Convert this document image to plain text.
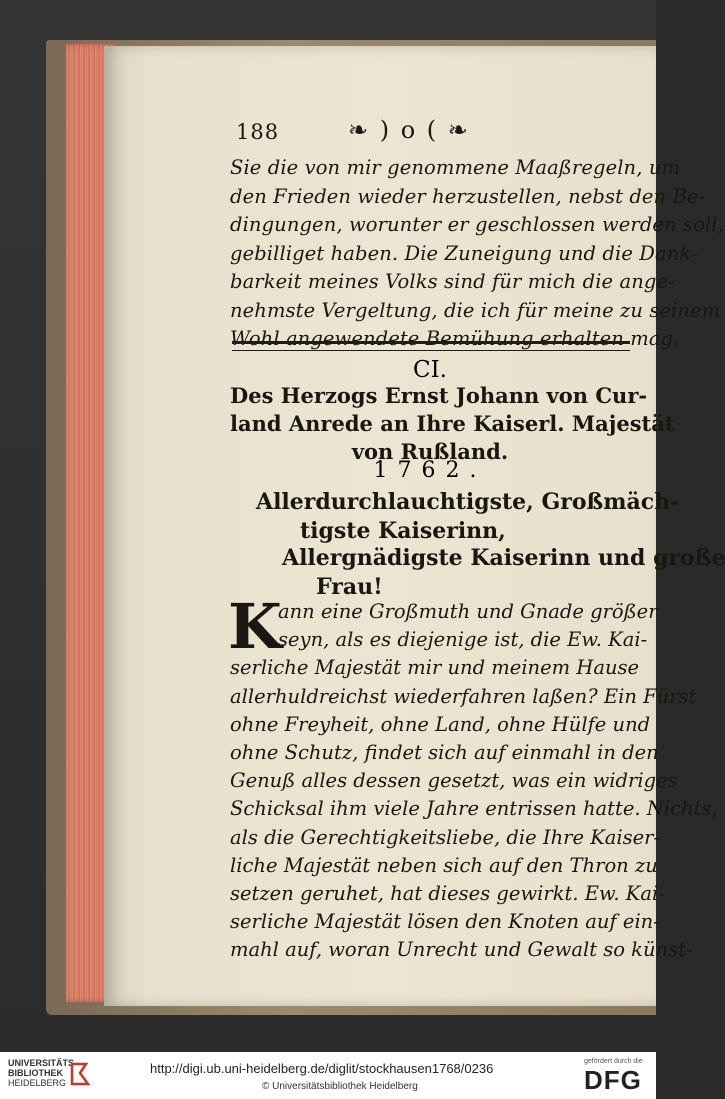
188	❧ ) o ( ❧
Sie die von mir genommene Maaßregeln, um
den Frieden wieder herzustellen, nebst den Be-
dingungen, worunter er geschlossen werden soll,
gebilliget haben. Die Zuneigung und die Dank-
barkeit meines Volks sind für mich die ange-
nehmste Vergeltung, die ich für meine zu seinem
Wohl angewendete Bemühung erhalten mag.
CI.
Des Herzogs Ernst Johann von Cur-
land Anrede an Ihre Kaiserl. Majestät
von Rußland.
1762.
Allerdurchlauchtigste, Großmäch-
tigste Kaiserinn,
Allergnädigste Kaiserinn und große
Frau!
K
ann eine Großmuth und Gnade größer
seyn, als es diejenige ist, die Ew. Kai-
serliche Majestät mir und meinem Hause
allerhuldreichst wiederfahren laßen? Ein Fürst
ohne Freyheit, ohne Land, ohne Hülfe und
ohne Schutz, findet sich auf einmahl in den
Genuß alles dessen gesetzt, was ein widriges
Schicksal ihm viele Jahre entrissen hatte. Nichts,
als die Gerechtigkeitsliebe, die Ihre Kaiser-
liche Majestät neben sich auf den Thron zu
setzen geruhet, hat dieses gewirkt. Ew. Kai-
serliche Majestät lösen den Knoten auf ein-
mahl auf, woran Unrecht und Gewalt so künst-
UNIVERSITÄTS-
BIBLIOTHEK
HEIDELBERG
http://digi.ub.uni-heidelberg.de/diglit/stockhausen1768/0236
© Universitätsbibliothek Heidelberg
gefördert durch die
DFG
